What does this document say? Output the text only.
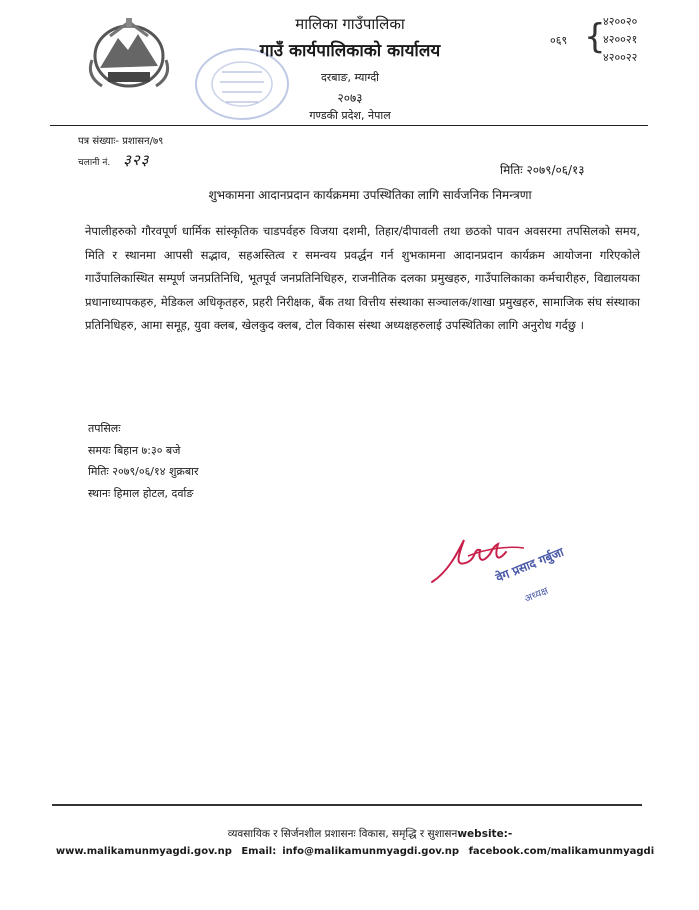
मालिका गाउँपालिका
गाउँ कार्यपालिकाको कार्यालय
दरबाङ, म्याग्दी
२०७३
गण्डकी प्रदेश, नेपाल
०६९ {
४२००२०
४२००२१
४२००२२
पत्र संख्याः- प्रशासन/७९
चलानी नं. ३२३
मितिः २०७९/०६/१३
शुभकामना आदानप्रदान कार्यक्रममा उपस्थितिका लागि सार्वजनिक निमन्त्रणा
नेपालीहरुको गौरवपूर्ण धार्मिक सांस्कृतिक चाडपर्वहरु विजया दशमी, तिहार/दीपावली तथा छठको पावन अवसरमा तपसिलको समय, मिति र स्थानमा आपसी सद्भाव, सहअस्तित्व र समन्वय प्रवर्द्धन गर्न शुभकामना आदानप्रदान कार्यक्रम आयोजना गरिएकोले गाउँपालिकास्थित सम्पूर्ण जनप्रतिनिधि, भूतपूर्व जनप्रतिनिधिहरु, राजनीतिक दलका प्रमुखहरु, गाउँपालिकाका कर्मचारीहरु, विद्यालयका प्रधानाध्यापकहरु, मेडिकल अधिकृतहरु, प्रहरी निरीक्षक, बैंक तथा वित्तीय संस्थाका सञ्चालक/शाखा प्रमुखहरु, सामाजिक संघ संस्थाका प्रतिनिधिहरु, आमा समूह, युवा क्लब, खेलकुद क्लब, टोल विकास संस्था अध्यक्षहरुलाई उपस्थितिका लागि अनुरोध गर्दछु ।
तपसिलः
समयः बिहान ७:३० बजे
मितिः २०७९/०६/१४ शुक्रबार
स्थानः हिमाल होटल, दर्वाङ
वेग प्रसाद गर्बुजा
अध्यक्ष
व्यवसायिक र सिर्जनशील प्रशासनः विकास, समृद्धि र सुशासनwebsite:-
www.malikamunmyagdi.gov.np Email: info@malikamunmyagdi.gov.np facebook.com/malikamunmyagdi
